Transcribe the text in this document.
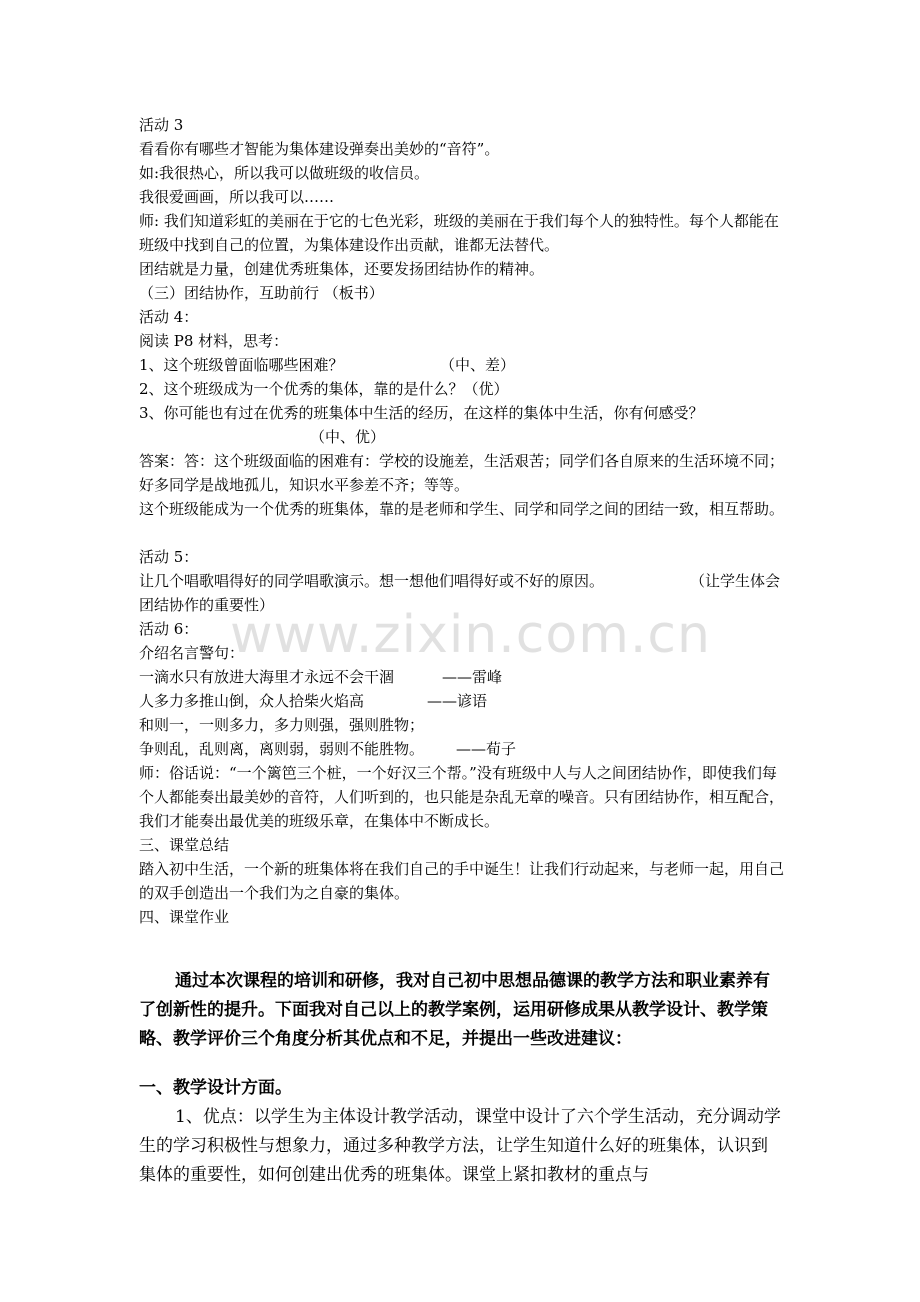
活动 3
看看你有哪些才智能为集体建设弹奏出美妙的“音符”。
如:我很热心，所以我可以做班级的收信员。
我很爱画画，所以我可以……
师: 我们知道彩虹的美丽在于它的七色光彩，班级的美丽在于我们每个人的独特性。每个人都能在班级中找到自己的位置，为集体建设作出贡献，谁都无法替代。
团结就是力量，创建优秀班集体，还要发扬团结协作的精神。
（三）团结协作，互助前行 （板书）
活动 4：
阅读 P8 材料，思考：
1、这个班级曾面临哪些困难？	（中、差）
2、这个班级成为一个优秀的集体，靠的是什么？（优）
3、你可能也有过在优秀的班集体中生活的经历，在这样的集体中生活，你有何感受？
（中、优）
答案：答：这个班级面临的困难有：学校的设施差，生活艰苦；同学们各自原来的生活环境不同；好多同学是战地孤儿，知识水平参差不齐；等等。
这个班级能成为一个优秀的班集体，靠的是老师和学生、同学和同学之间的团结一致，相互帮助。
活动 5：
让几个唱歌唱得好的同学唱歌演示。想一想他们唱得好或不好的原因。	（让学生体会
团结协作的重要性）
活动 6：
介绍名言警句：
一滴水只有放进大海里才永远不会干涸	——雷峰
人多力多推山倒，众人拾柴火焰高	——谚语
和则一，一则多力，多力则强，强则胜物；
争则乱，乱则离，离则弱，弱则不能胜物。	——荀子
师：俗话说：“一个篱笆三个桩，一个好汉三个帮。”没有班级中人与人之间团结协作，即使我们每个人都能奏出最美妙的音符，人们听到的，也只能是杂乱无章的噪音。只有团结协作，相互配合，我们才能奏出最优美的班级乐章，在集体中不断成长。
三、课堂总结
踏入初中生活，一个新的班集体将在我们自己的手中诞生！让我们行动起来，与老师一起，用自己的双手创造出一个我们为之自豪的集体。
四、课堂作业
通过本次课程的培训和研修，我对自己初中思想品德课的教学方法和职业素养有了创新性的提升。下面我对自己以上的教学案例，运用研修成果从教学设计、教学策略、教学评价三个角度分析其优点和不足，并提出一些改进建议：
一、教学设计方面。
1、优点：以学生为主体设计教学活动，课堂中设计了六个学生活动，充分调动学生的学习积极性与想象力，通过多种教学方法，让学生知道什么好的班集体，认识到集体的重要性，如何创建出优秀的班集体。课堂上紧扣教材的重点与
www.zixin.com.cn
